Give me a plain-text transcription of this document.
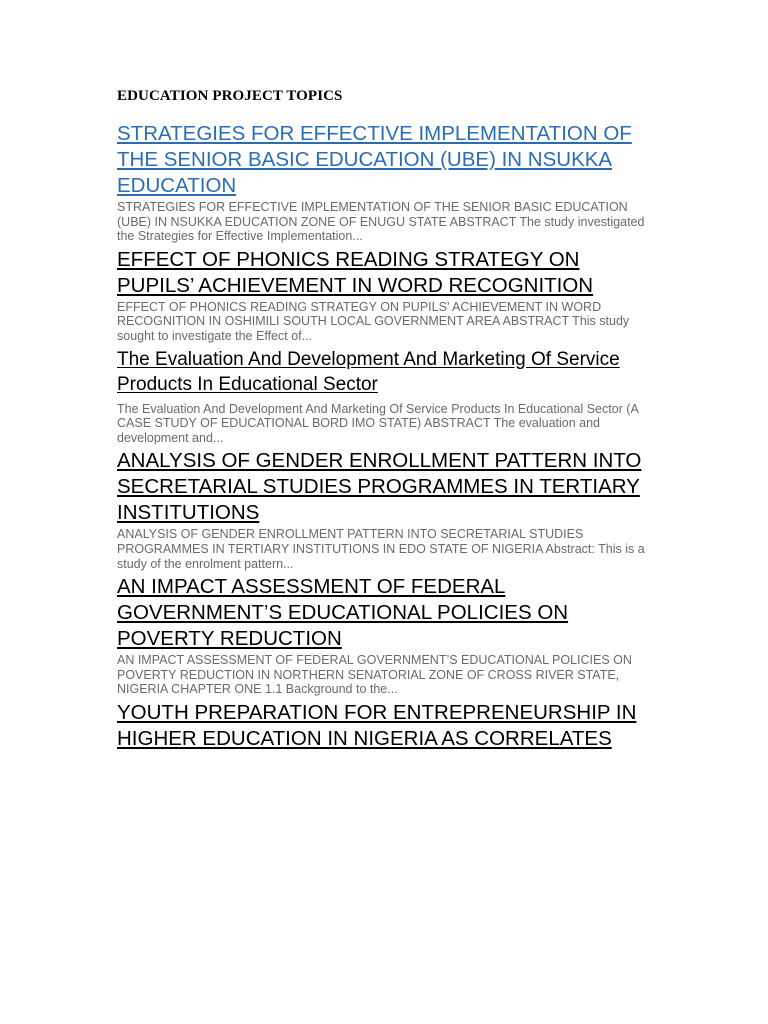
EDUCATION PROJECT TOPICS
STRATEGIES FOR EFFECTIVE IMPLEMENTATION OF THE SENIOR BASIC EDUCATION (UBE) IN NSUKKA EDUCATION

STRATEGIES FOR EFFECTIVE IMPLEMENTATION OF THE SENIOR BASIC EDUCATION (UBE) IN NSUKKA EDUCATION ZONE OF ENUGU STATE ABSTRACT The study investigated the Strategies for Effective Implementation...

EFFECT OF PHONICS READING STRATEGY ON PUPILS’ ACHIEVEMENT IN WORD RECOGNITION

EFFECT OF PHONICS READING STRATEGY ON PUPILS’ ACHIEVEMENT IN WORD RECOGNITION IN OSHIMILI SOUTH LOCAL GOVERNMENT AREA ABSTRACT This study sought to investigate the Effect of...

The Evaluation And Development And Marketing Of Service Products In Educational Sector

The Evaluation And Development And Marketing Of Service Products In Educational Sector (A CASE STUDY OF EDUCATIONAL BORD IMO STATE) ABSTRACT The evaluation and development and...

ANALYSIS OF GENDER ENROLLMENT PATTERN INTO SECRETARIAL STUDIES PROGRAMMES IN TERTIARY INSTITUTIONS

ANALYSIS OF GENDER ENROLLMENT PATTERN INTO SECRETARIAL STUDIES PROGRAMMES IN TERTIARY INSTITUTIONS IN EDO STATE OF NIGERIA Abstract: This is a study of the enrolment pattern...

AN IMPACT ASSESSMENT OF FEDERAL GOVERNMENT’S EDUCATIONAL POLICIES ON POVERTY REDUCTION

AN IMPACT ASSESSMENT OF FEDERAL GOVERNMENT’S EDUCATIONAL POLICIES ON POVERTY REDUCTION IN NORTHERN SENATORIAL ZONE OF CROSS RIVER STATE, NIGERIA CHAPTER ONE 1.1 Background to the...

YOUTH PREPARATION FOR ENTREPRENEURSHIP IN HIGHER EDUCATION IN NIGERIA AS CORRELATES
